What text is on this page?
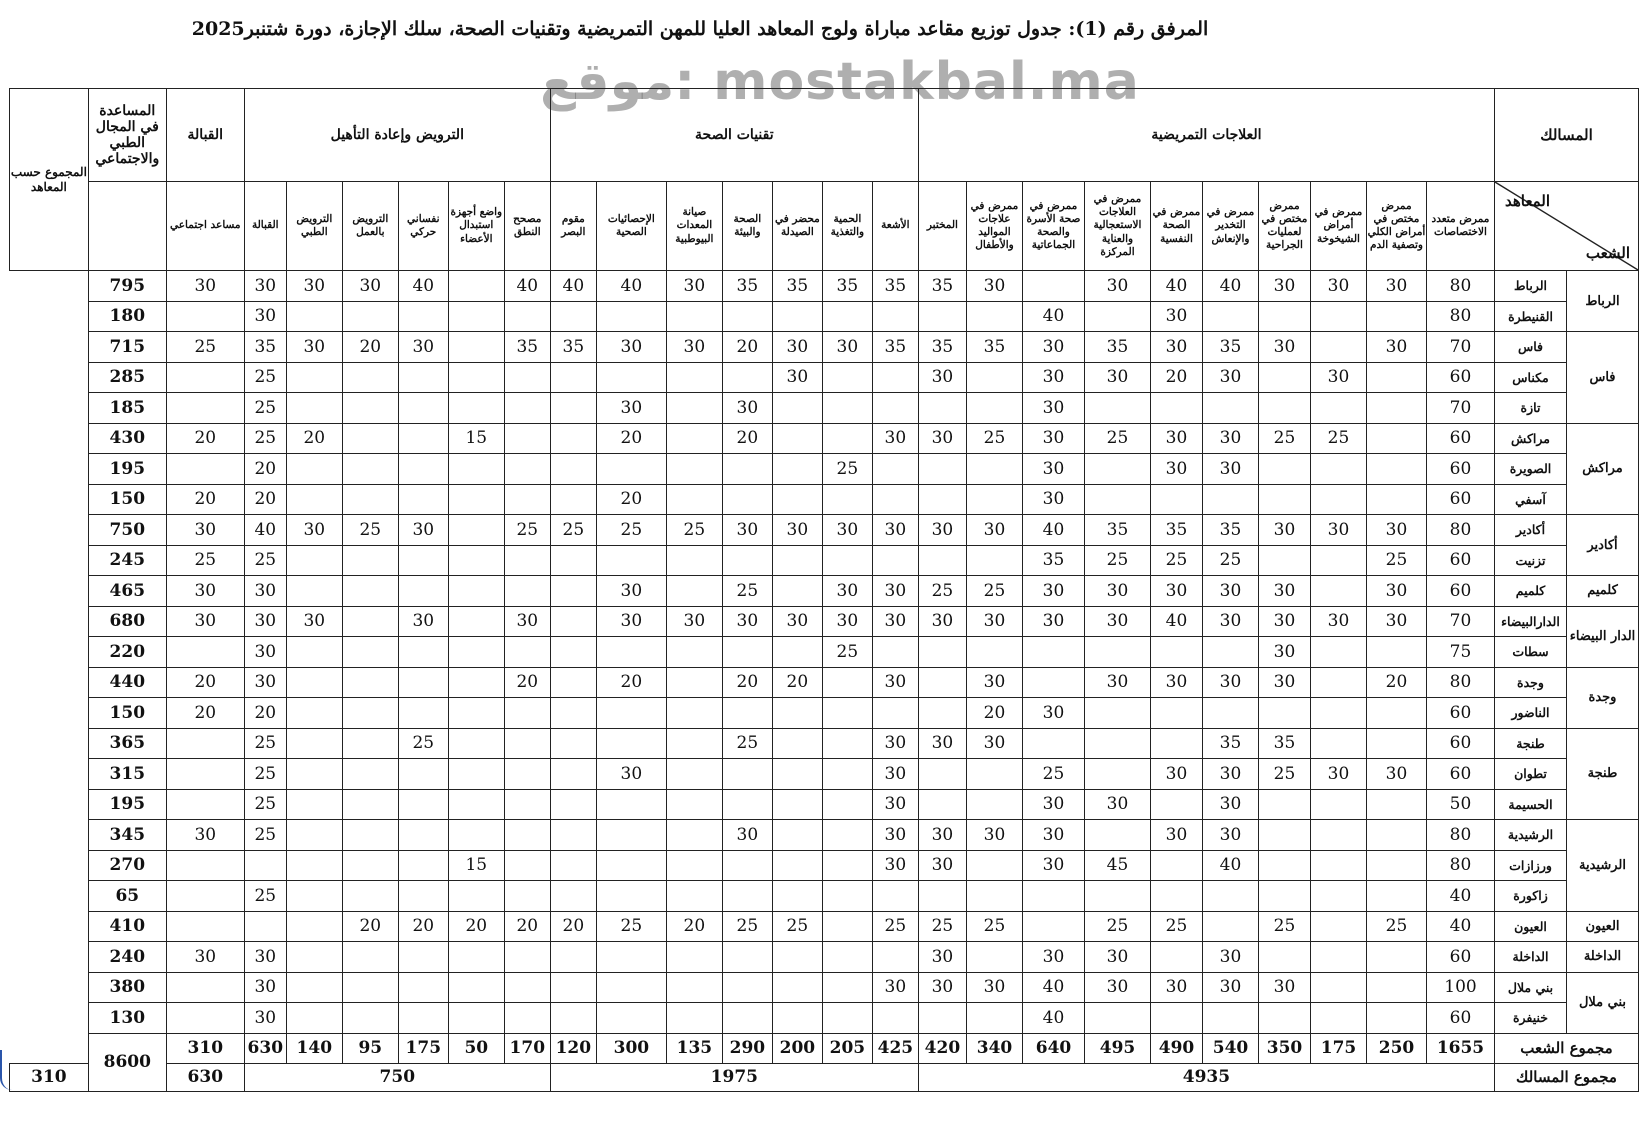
المرفق رقم (1): جدول توزيع مقاعد مباراة ولوج المعاهد العليا للمهن التمريضية وتقنيات الصحة، سلك الإجازة، دورة شتنبر2025
موقع: mostakbal.ma
المسالك		العلاجات التمريضية										تقنيات الصحة							الترويض وإعادة التأهيل						القبالة	المساعدة في المجال الطبي والاجتماعي	المجموع حسب المعاهد

المعاهد
الشعب		ممرض متعدد الاختصاصات	ممرض مختص في أمراض الكلي وتصفية الدم	ممرض في أمراض الشيخوخة	ممرض مختص في لعمليات الجراحية	ممرض في التخدير والإنعاش	ممرض في الصحة النفسية	ممرض في العلاجات الاستعجالية والعناية المركزة	ممرض في صحة الأسرة والصحة الجماعاتية	ممرض في علاجات المواليد والأطفال	المختبر	الأشعة	الحمية والتغذية	محضر في الصيدلة	الصحة والبيئة	صيانة المعدات البيوطبية	الإحصائيات الصحية	مقوم البصر	مصحح النطق	واضع أجهزة استبدال الأعضاء	نفساني حركي	الترويض بالعمل	الترويض الطبي	القبالة	مساعد اجتماعي		
الرباط	الرباط	80	30	30	30	40	40	30		30	35	35	35	35	35	30	40	40	40		40	30	30	30	30	795	
	القنيطرة	80					30		40															30		180	
فاس	فاس	70	30		30	35	30	35	30	35	35	35	30	30	20	30	30	35	35		30	20	30	35	25	715	
	مكناس	60		30		30	20	30	30		30			30										25		285	
	تازة	70							30						30		30							25		185	
مراكش	مراكش	60		25	25	30	30	25	30	25	30	30			20		20			15			20	25	20	430	
	الصويرة	60				30	30		30				25											20		195	
	آسفي	60							30								20							20	20	150	
أكادير	أكادير	80	30	30	30	35	35	35	40	30	30	30	30	30	30	25	25	25	25		30	25	30	40	30	750	
	تزنيت	60	25			25	25	25	35															25	25	245	
كلميم	كلميم	60	30		30	30	30	30	30	25	25	30	30		25		30							30	30	465	
الدار البيضاء	الدارالبيضاء	70	30	30	30	30	40	30	30	30	30	30	30	30	30	30	30		30		30		30	30	30	680	
	سطات	75			30								25											30		220	
وجدة	وجدة	80	20		30	30	30	30		30		30		20	20		20		20					30	20	440	
	الناضور	60							30	20														20	20	150	
طنجة	طنجة	60			35	35				30	30	30			25						25			25		365	
	تطوان	60	30	30	25	30	30		25			30					30							25		315	
	الحسيمة	50				30		30	30			30												25		195	
الرشيدية	الرشيدية	80				30	30		30	30	30	30			30									25	30	345	
	ورزازات	80				40		45	30		30	30								15						270	
	زاكورة	40																						25		65	
العيون	العيون	40	25		25		25	25		25	25	25		25	25	20	25	20	20	20	20	20				410	
الداخلة	الداخلة	60				30		30	30		30													30	30	240	
بني ملال	بني ملال	100			30	30	30	30	40	30	30	30												30		380	
	خنيفرة	60							40															30		130	
مجموع الشعب		1655	250	175	350	540	490	495	640	340	420	425	205	200	290	135	300	120	170	50	175	95	140	630	310	8600	
مجموع المسالك		4935										1975							750						630		310
